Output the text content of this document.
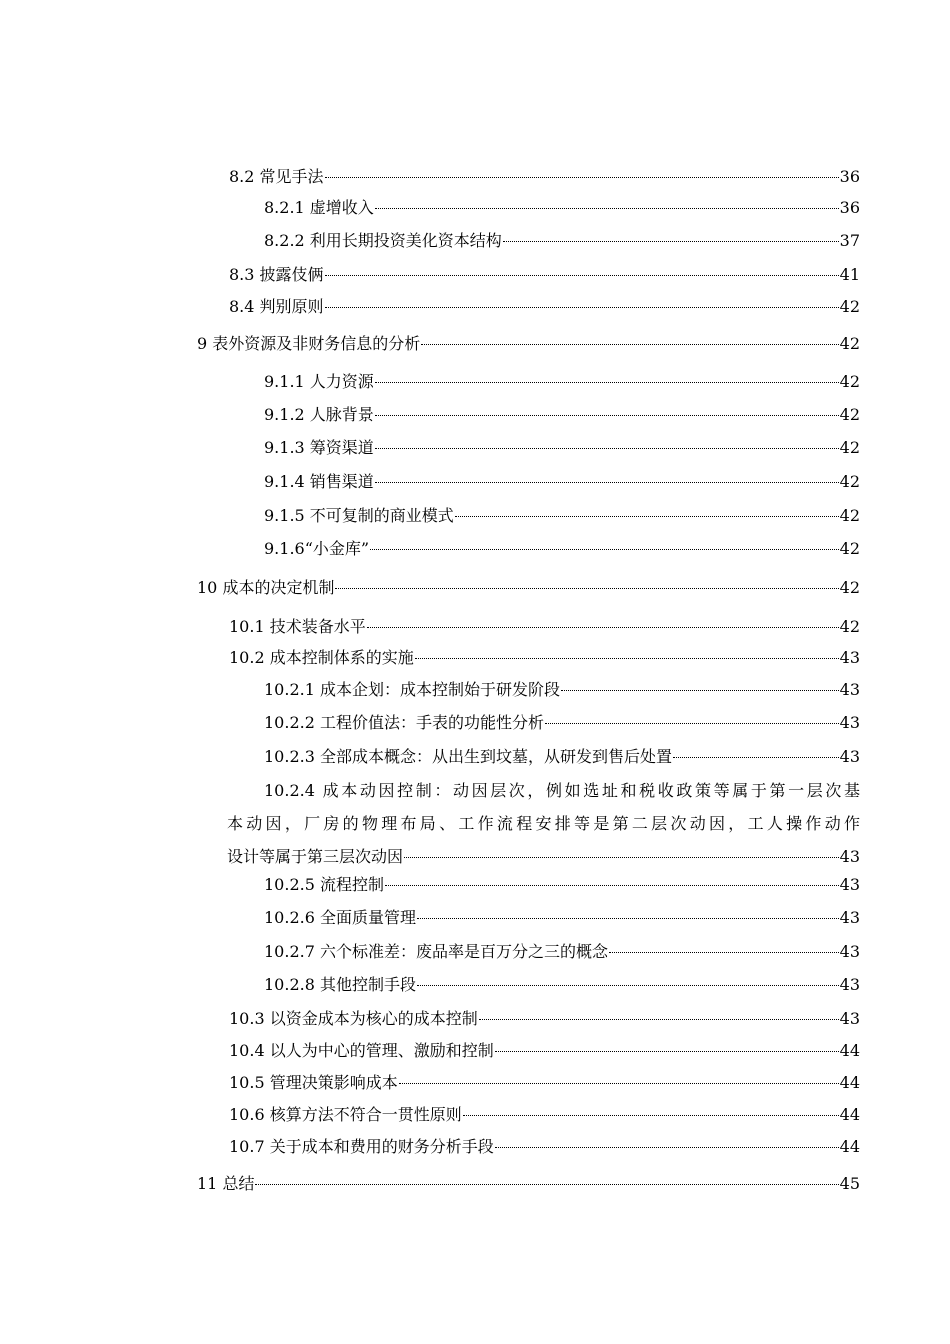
8.2 常见手法	36
8.2.1 虚增收入	36
8.2.2 利用长期投资美化资本结构	37
8.3 披露伎俩	41
8.4 判别原则	42
9 表外资源及非财务信息的分析	42
9.1.1 人力资源	42
9.1.2 人脉背景	42
9.1.3 筹资渠道	42
9.1.4 销售渠道	42
9.1.5 不可复制的商业模式	42
9.1.6“小金库”	42
10 成本的决定机制	42
10.1 技术装备水平	42
10.2 成本控制体系的实施	43
10.2.1 成本企划：成本控制始于研发阶段	43
10.2.2 工程价值法：手表的功能性分析	43
10.2.3 全部成本概念：从出生到坟墓，从研发到售后处置	43
10.2.4 成本动因控制：动因层次，例如选址和税收政策等属于第一层次基
本动因，厂房的物理布局、工作流程安排等是第二层次动因，工人操作动作
设计等属于第三层次动因	43
10.2.5 流程控制	43
10.2.6 全面质量管理	43
10.2.7 六个标准差：废品率是百万分之三的概念	43
10.2.8 其他控制手段	43
10.3 以资金成本为核心的成本控制	43
10.4 以人为中心的管理、激励和控制	44
10.5 管理决策影响成本	44
10.6 核算方法不符合一贯性原则	44
10.7 关于成本和费用的财务分析手段	44
11 总结	45
